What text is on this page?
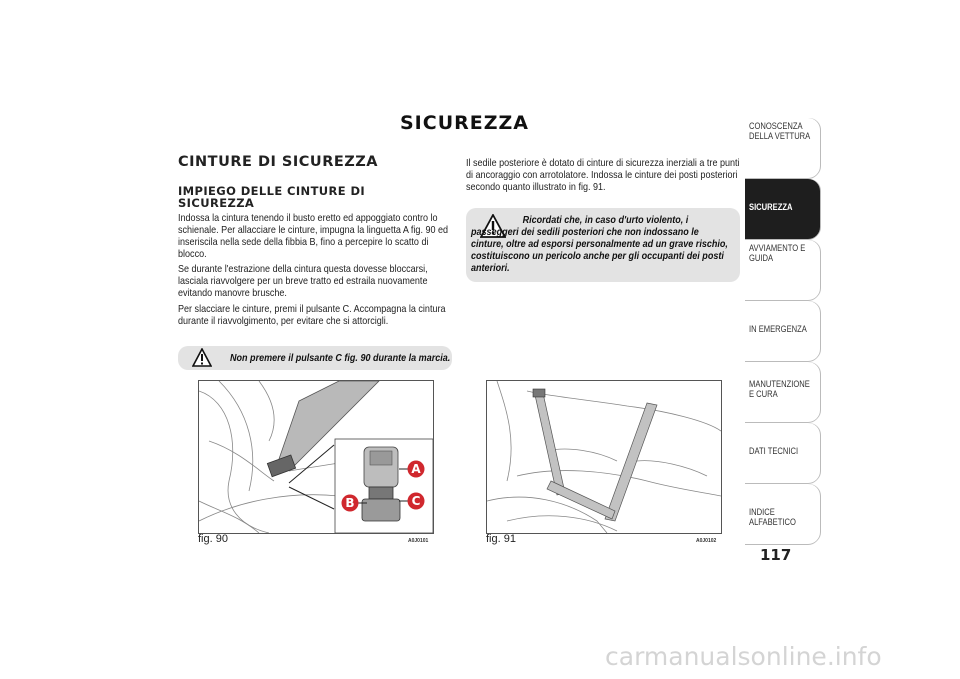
SICUREZZA
CINTURE DI SICUREZZA
IMPIEGO DELLE CINTURE DI SICUREZZA

Indossa la cintura tenendo il busto eretto ed appoggiato contro lo schienale. Per allacciare le cinture, impugna la linguetta A fig. 90 ed inseriscila nella sede della fibbia B, fino a percepire lo scatto di blocco.

Se durante l'estrazione della cintura questa dovesse bloccarsi, lasciala riavvolgere per un breve tratto ed estraila nuovamente evitando manovre brusche.

Per slacciare le cinture, premi il pulsante C. Accompagna la cintura durante il riavvolgimento, per evitare che si attorcigli.

Non premere il pulsante C fig. 90 durante la marcia.

Il sedile posteriore è dotato di cinture di sicurezza inerziali a tre punti di ancoraggio con arrotolatore. Indossa le cinture dei posti posteriori secondo quanto illustrato in fig. 91.

Ricordati che, in caso d'urto violento, i passeggeri dei sedili posteriori che non indossano le cinture, oltre ad esporsi personalmente ad un grave rischio, costituiscono un pericolo anche per gli occupanti dei posti anteriori.
A
B	C
fig. 90	A0J0101	fig. 91	A0J0102
CONOSCENZA DELLA VETTURA
SICUREZZA
AVVIAMENTO E GUIDA
IN EMERGENZA
MANUTENZIONE E CURA
DATI TECNICI
INDICE ALFABETICO
117
carmanualsonline.info
